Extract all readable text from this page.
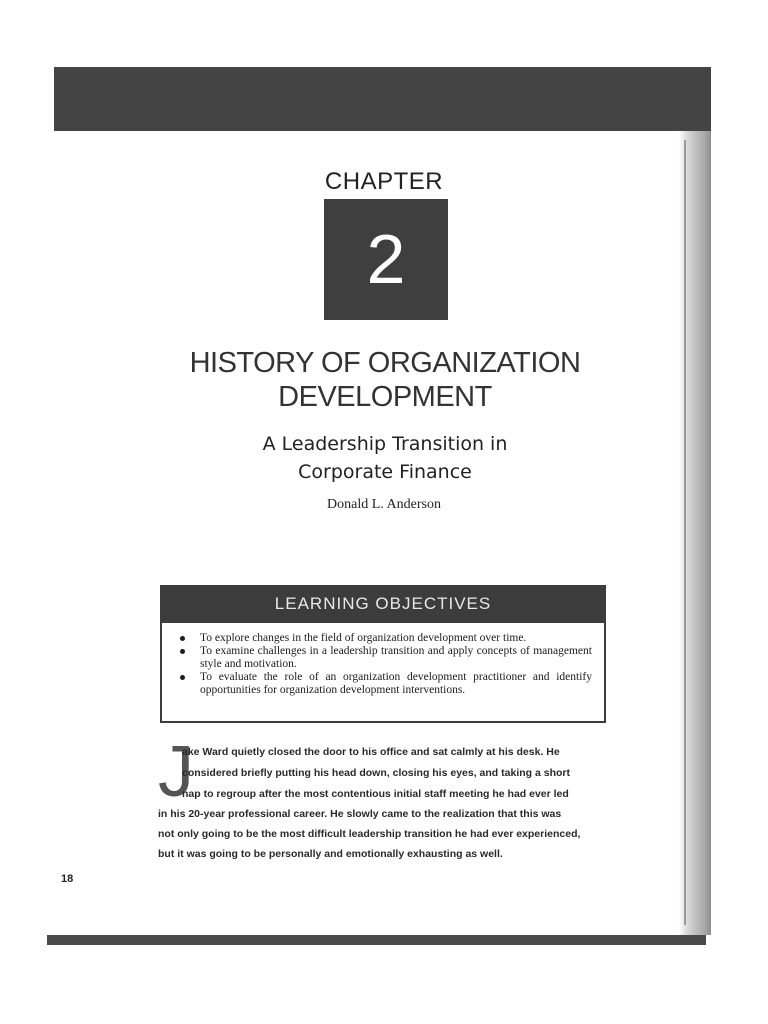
CHAPTER
2
HISTORY OF ORGANIZATION
DEVELOPMENT
A Leadership Transition in
Corporate Finance
Donald L. Anderson
LEARNING OBJECTIVES
To explore changes in the field of organization development over time.
To examine challenges in a leadership transition and apply concepts of management style and motivation.
To evaluate the role of an organization development practitioner and identify opportunities for organization development interventions.
J
ake Ward quietly closed the door to his office and sat calmly at his desk. He
considered briefly putting his head down, closing his eyes, and taking a short
nap to regroup after the most contentious initial staff meeting he had ever led
in his 20-year professional career. He slowly came to the realization that this was
not only going to be the most difficult leadership transition he had ever experienced,
but it was going to be personally and emotionally exhausting as well.
18
